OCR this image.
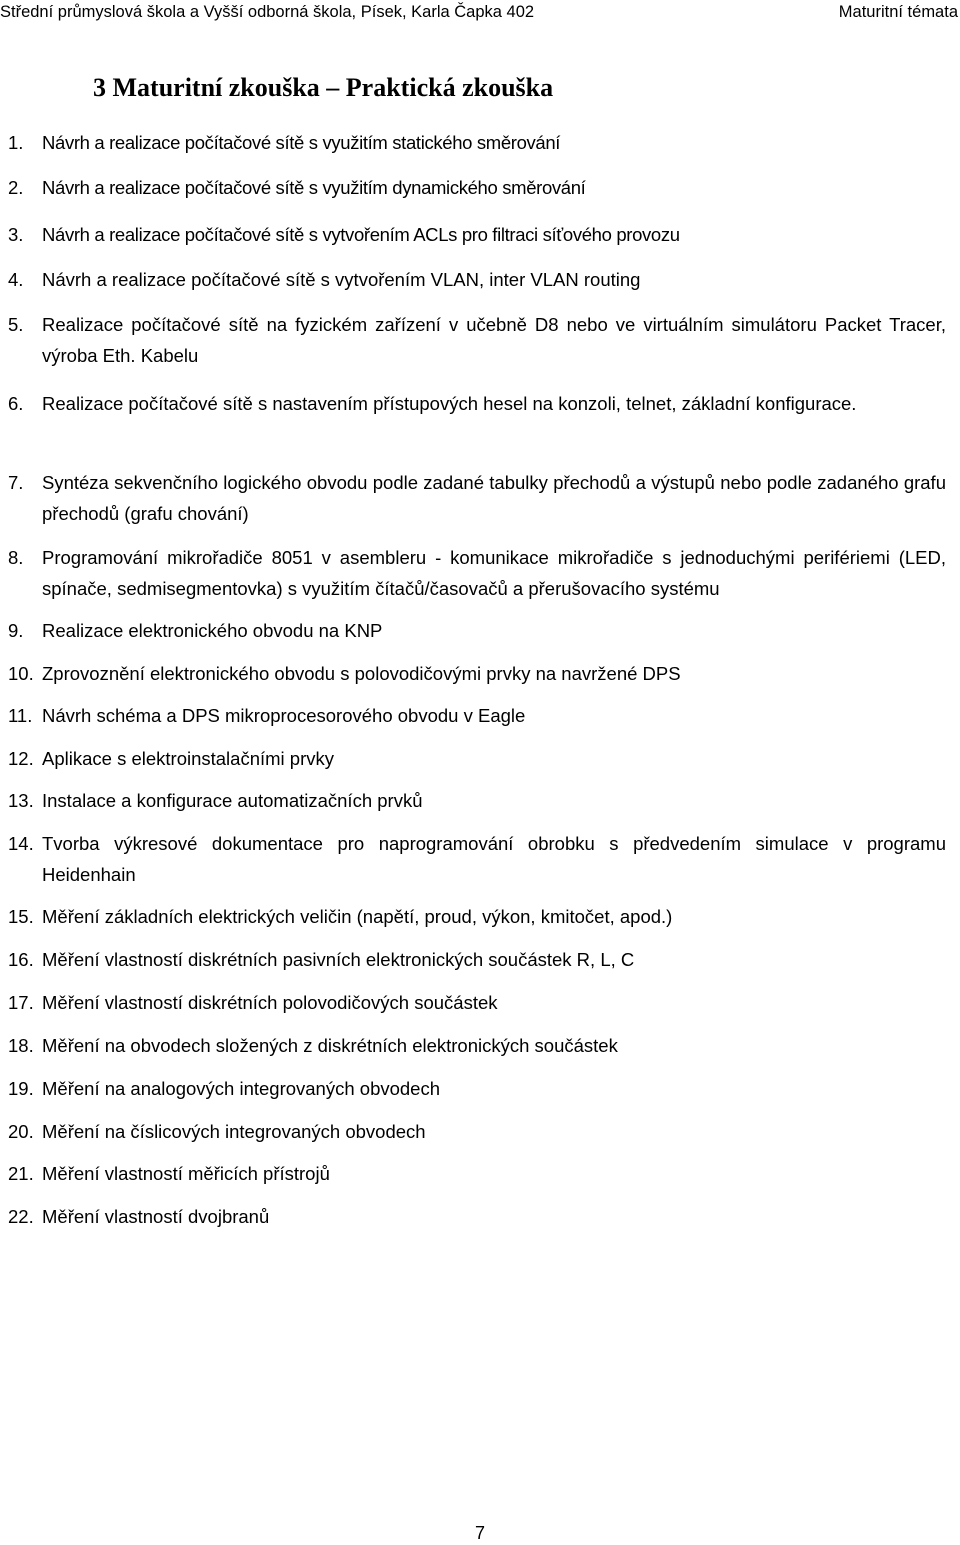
Střední průmyslová škola a Vyšší odborná škola, Písek, Karla Čapka 402	Maturitní témata
3 Maturitní zkouška – Praktická zkouška
1. Návrh a realizace počítačové sítě s využitím statického směrování
2. Návrh a realizace počítačové sítě s využitím dynamického směrování
3. Návrh a realizace počítačové sítě s vytvořením ACLs pro filtraci síťového provozu
4. Návrh a realizace počítačové sítě s vytvořením VLAN, inter VLAN routing
5. Realizace počítačové sítě na fyzickém zařízení v učebně D8 nebo ve virtuálním simulátoru Packet Tracer, výroba Eth. Kabelu
6. Realizace počítačové sítě s nastavením přístupových hesel na konzoli, telnet, základní konfigurace.
7. Syntéza sekvenčního logického obvodu podle zadané tabulky přechodů a výstupů nebo podle zadaného grafu přechodů (grafu chování)
8. Programování mikrořadiče 8051 v asembleru - komunikace mikrořadiče s jednoduchými perifériemi (LED, spínače, sedmisegmentovka) s využitím čítačů/časovačů a přerušovacího systému
9. Realizace elektronického obvodu na KNP
10. Zprovoznění elektronického obvodu s polovodičovými prvky na navržené DPS
11. Návrh schéma a DPS mikroprocesorového obvodu v Eagle
12. Aplikace s elektroinstalačními prvky
13. Instalace a konfigurace automatizačních prvků
14. Tvorba výkresové dokumentace pro naprogramování obrobku s předvedením simulace v programu Heidenhain
15. Měření základních elektrických veličin (napětí, proud, výkon, kmitočet, apod.)
16. Měření vlastností diskrétních pasivních elektronických součástek R, L, C
17. Měření vlastností diskrétních polovodičových součástek
18. Měření na obvodech složených z diskrétních elektronických součástek
19. Měření na analogových integrovaných obvodech
20. Měření na číslicových integrovaných obvodech
21. Měření vlastností měřicích přístrojů
22. Měření vlastností dvojbranů
7
